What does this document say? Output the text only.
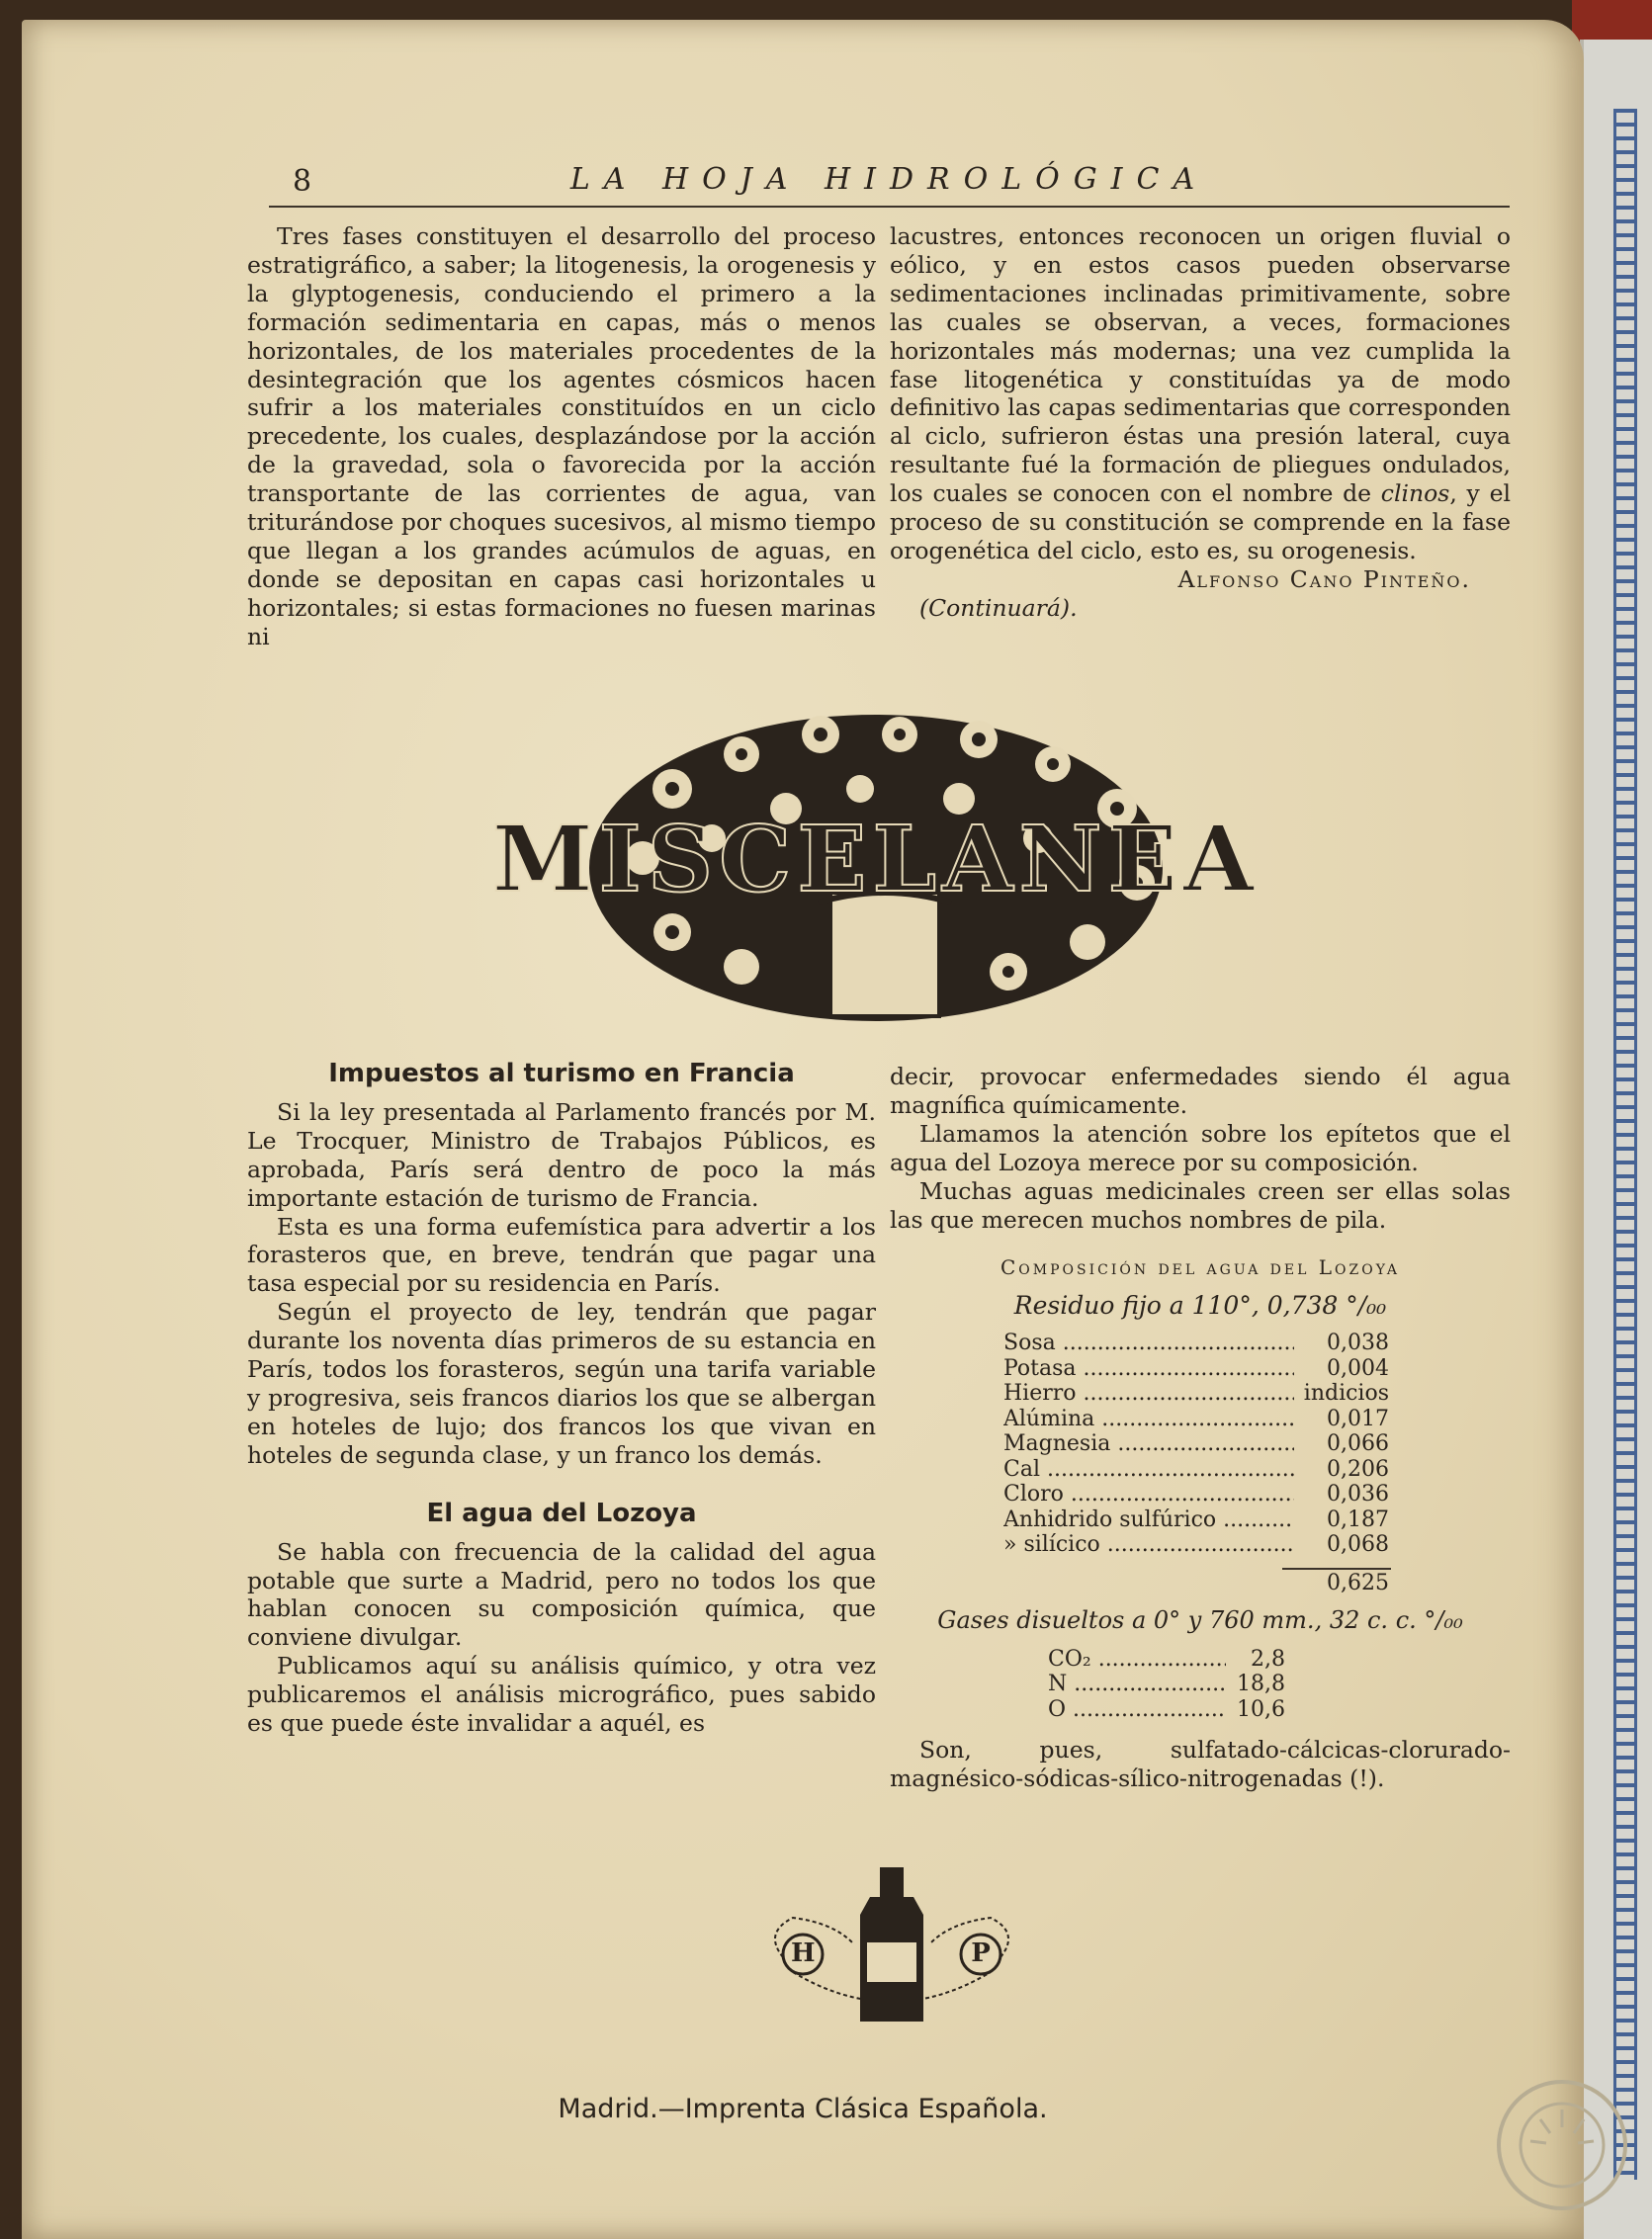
8	LA HOJA HIDROLÓGICA

Tres fases constituyen el desarrollo del proceso estratigráfico, a saber; la litogenesis, la orogenesis y la glyptogenesis, conduciendo el primero a la formación sedimentaria en capas, más o menos horizontales, de los materiales procedentes de la desintegración que los agentes cósmicos hacen sufrir a los materiales constituídos en un ciclo precedente, los cuales, desplazándose por la acción de la gravedad, sola o favorecida por la acción transportante de las corrientes de agua, van triturándose por choques sucesivos, al mismo tiempo que llegan a los grandes acúmulos de aguas, en donde se depositan en capas casi horizontales u horizontales; si estas formaciones no fuesen marinas ni

lacustres, entonces reconocen un origen fluvial o eólico, y en estos casos pueden observarse sedimentaciones inclinadas primitivamente, sobre las cuales se observan, a veces, formaciones horizontales más modernas; una vez cumplida la fase litogenética y constituídas ya de modo definitivo las capas sedimentarias que corresponden al ciclo, sufrieron éstas una presión lateral, cuya resultante fué la formación de pliegues ondulados, los cuales se conocen con el nombre de clinos, y el proceso de su constitución se comprende en la fase orogenética del ciclo, esto es, su orogenesis.

Alfonso Cano Pinteño.

(Continuará).

MISCELANEA

Impuestos al turismo en Francia

Si la ley presentada al Parlamento francés por M. Le Trocquer, Ministro de Trabajos Públicos, es aprobada, París será dentro de poco la más importante estación de turismo de Francia.

Esta es una forma eufemística para advertir a los forasteros que, en breve, tendrán que pagar una tasa especial por su residencia en París.

Según el proyecto de ley, tendrán que pagar durante los noventa días primeros de su estancia en París, todos los forasteros, según una tarifa variable y progresiva, seis francos diarios los que se albergan en hoteles de lujo; dos francos los que vivan en hoteles de segunda clase, y un franco los demás.

El agua del Lozoya

Se habla con frecuencia de la calidad del agua potable que surte a Madrid, pero no todos los que hablan conocen su composición química, que conviene divulgar.

Publicamos aquí su análisis químico, y otra vez publicaremos el análisis micrográfico, pues sabido es que puede éste invalidar a aquél, es

decir, provocar enfermedades siendo él agua magnífica químicamente.

Llamamos la atención sobre los epítetos que el agua del Lozoya merece por su composición.

Muchas aguas medicinales creen ser ellas solas las que merecen muchos nombres de pila.

Composición del agua del Lozoya

Residuo fijo a 110°, 0,738 °/₀₀

Sosa .....	0,038
Potasa .....	0,004
Hierro .....	indicios
Alúmina .....	0,017
Magnesia .....	0,066
Cal .....	0,206
Cloro .....	0,036
Anhidrido sulfúrico .....	0,187
» silícico .....	0,068
0,625

Gases disueltos a 0° y 760 mm., 32 c. c. °/₀₀

CO₂ .....	2,8
N .....	18,8
O .....	10,6

Son, pues, sulfatado-cálcicas-clorurado-magnésico-sódicas-sílico-nitrogenadas (!).

H	P
Madrid.—Imprenta Clásica Española.
